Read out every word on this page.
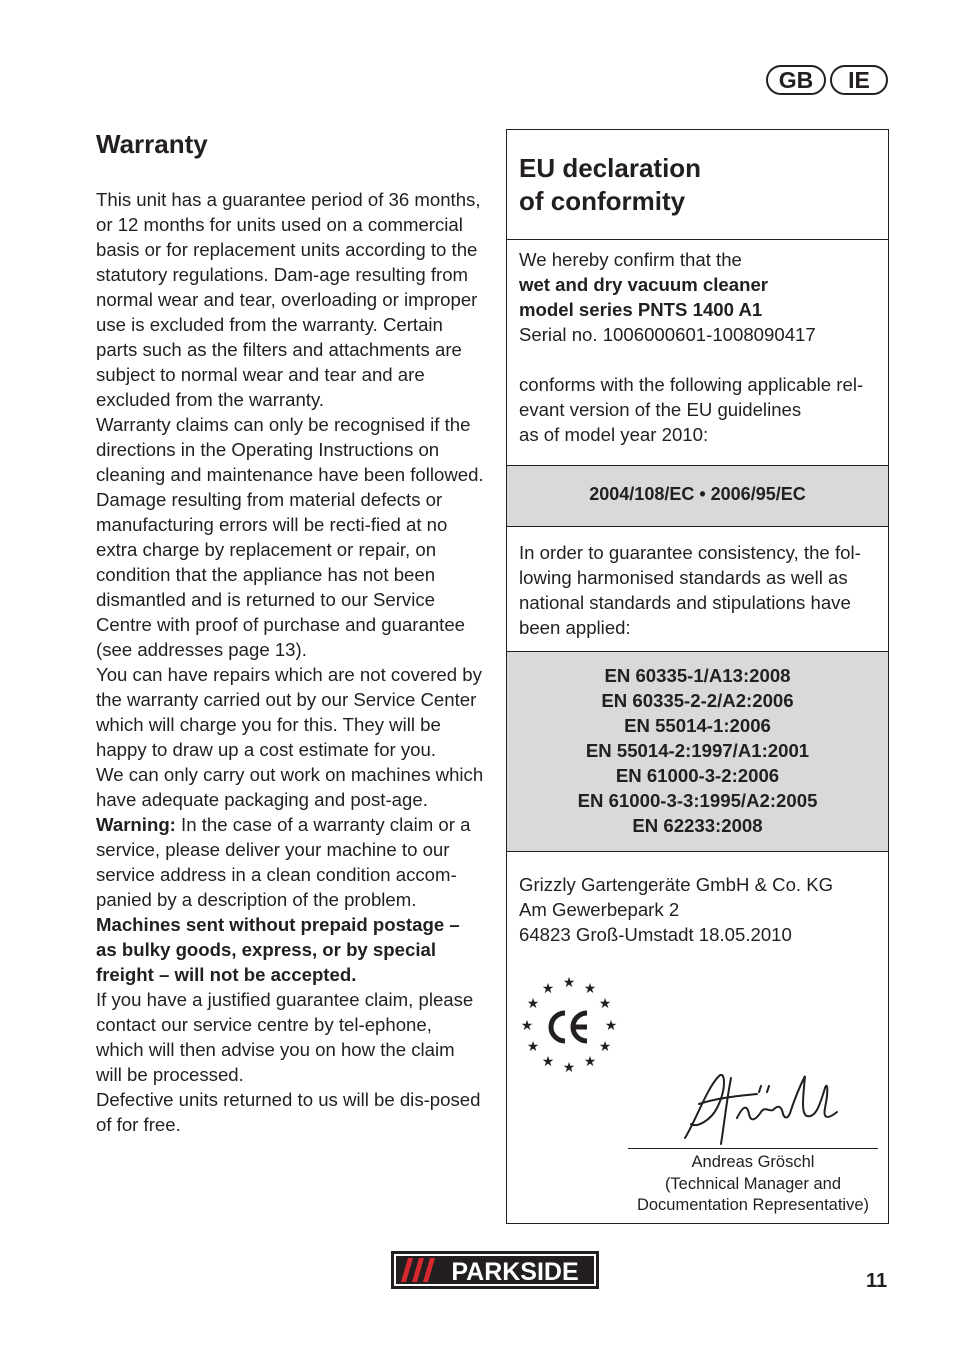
GB	IE
Warranty

This unit has a guarantee period of 36 months, or 12 months for units used on a commercial basis or for replacement units according to the statutory regulations. Dam-age resulting from normal wear and tear, overloading or improper use is excluded from the warranty. Certain parts such as the filters and attachments are subject to normal wear and tear and are excluded from the warranty.

Warranty claims can only be recognised if the directions in the Operating Instructions on cleaning and maintenance have been followed. Damage resulting from material defects or manufacturing errors will be recti-fied at no extra charge by replacement or repair, on condition that the appliance has not been dismantled and is returned to our Service Centre with proof of purchase and guarantee (see addresses page 13).

You can have repairs which are not covered by the warranty carried out by our Service Center which will charge you for this. They will be happy to draw up a cost estimate for you.

We can only carry out work on machines which have adequate packaging and post-age.

Warning: In the case of a warranty claim or a service, please deliver your machine to our service address in a clean condition accom-panied by a description of the problem.

Machines sent without prepaid postage – as bulky goods, express, or by special freight – will not be accepted.

If you have a justified guarantee claim, please contact our service centre by tel-ephone, which will then advise you on how the claim will be processed.

Defective units returned to us will be dis-posed of for free.

EU declaration
of conformity
We hereby confirm that the
wet and dry vacuum cleaner
model series PNTS 1400 A1
Serial no. 1006000601-1008090417
conforms with the following applicable rel-evant version of the EU guidelines
as of model year 2010:
2004/108/EC • 2006/95/EC
In order to guarantee consistency, the fol-lowing harmonised standards as well as national standards and stipulations have been applied:
EN 60335-1/A13:2008
EN 60335-2-2/A2:2006
EN 55014-1:2006
EN 55014-2:1997/A1:2001
EN 61000-3-2:2006
EN 61000-3-3:1995/A2:2005
EN 62233:2008
Grizzly Gartengeräte GmbH & Co. KG
Am Gewerbepark 2
64823 Groß-Umstadt 18.05.2010
★ ★
★
★
★
★
★
★
★
★
★
★
Andreas Gröschl
(Technical Manager and
Documentation Representative)
PARKSIDE	11
